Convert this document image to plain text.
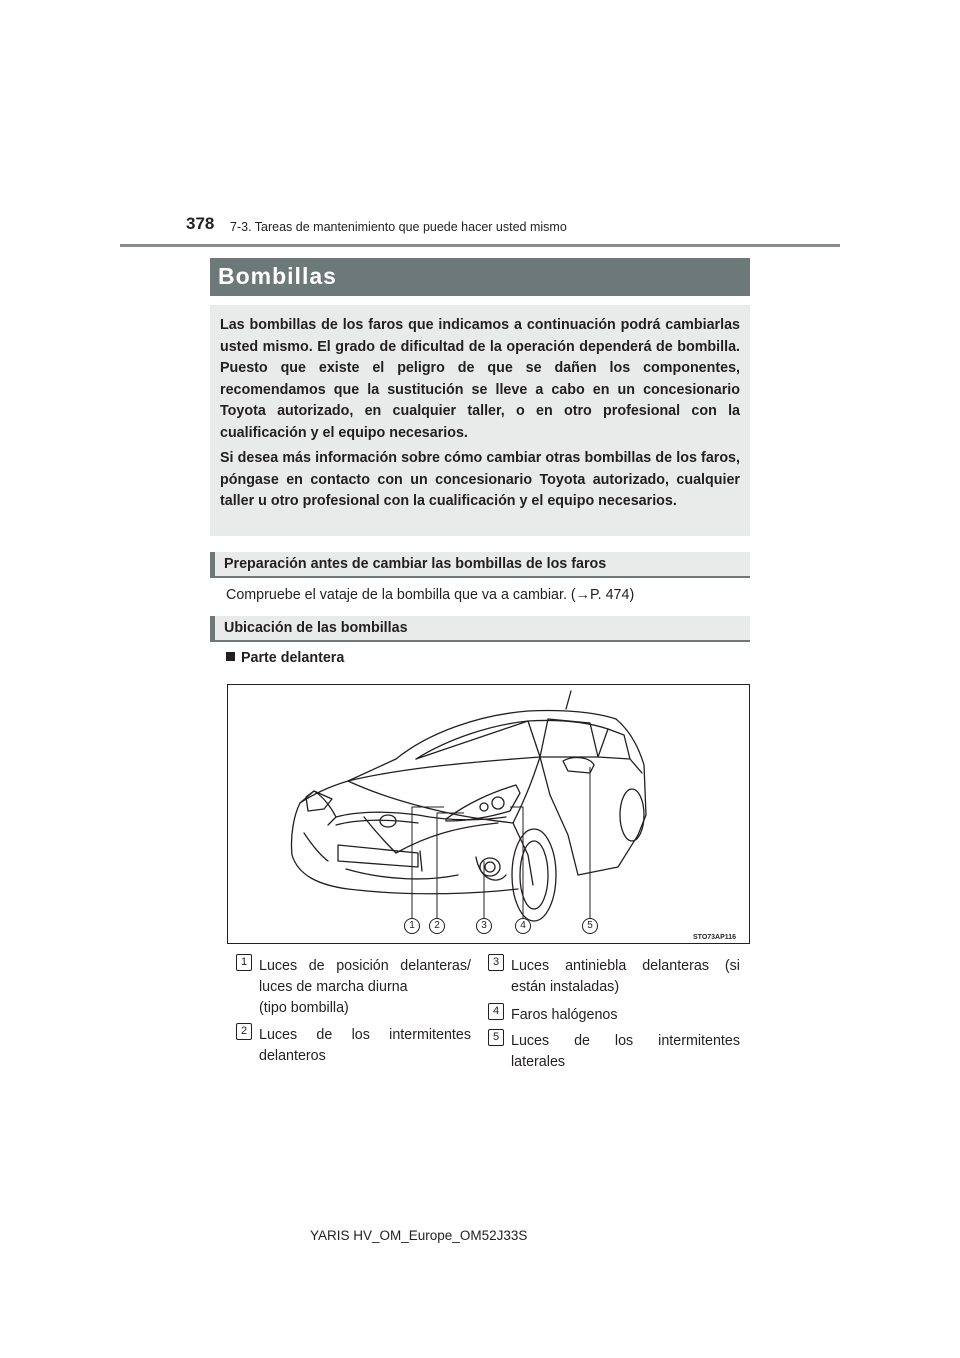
378 7-3. Tareas de mantenimiento que puede hacer usted mismo
Bombillas

Las bombillas de los faros que indicamos a continuación podrá cambiarlas usted mismo. El grado de dificultad de la operación dependerá de bombilla. Puesto que existe el peligro de que se dañen los componentes, recomendamos que la sustitución se lleve a cabo en un concesionario Toyota autorizado, en cualquier taller, o en otro profesional con la cualificación y el equipo necesarios.

Si desea más información sobre cómo cambiar otras bombillas de los faros, póngase en contacto con un concesionario Toyota autorizado, cualquier taller u otro profesional con la cualificación y el equipo necesarios.

Preparación antes de cambiar las bombillas de los faros
Compruebe el vataje de la bombilla que va a cambiar. (→P. 474)
Ubicación de las bombillas
Parte delantera
1	2	3	4	5
STO73AP116
1 Luces de posición delanteras/
luces de marcha diurna
(tipo bombilla)
2 Luces de los intermitentes
delanteros
3 Luces antiniebla delanteras (si
están instaladas)
4 Faros halógenos
5 Luces de los intermitentes
laterales
YARIS HV_OM_Europe_OM52J33S
